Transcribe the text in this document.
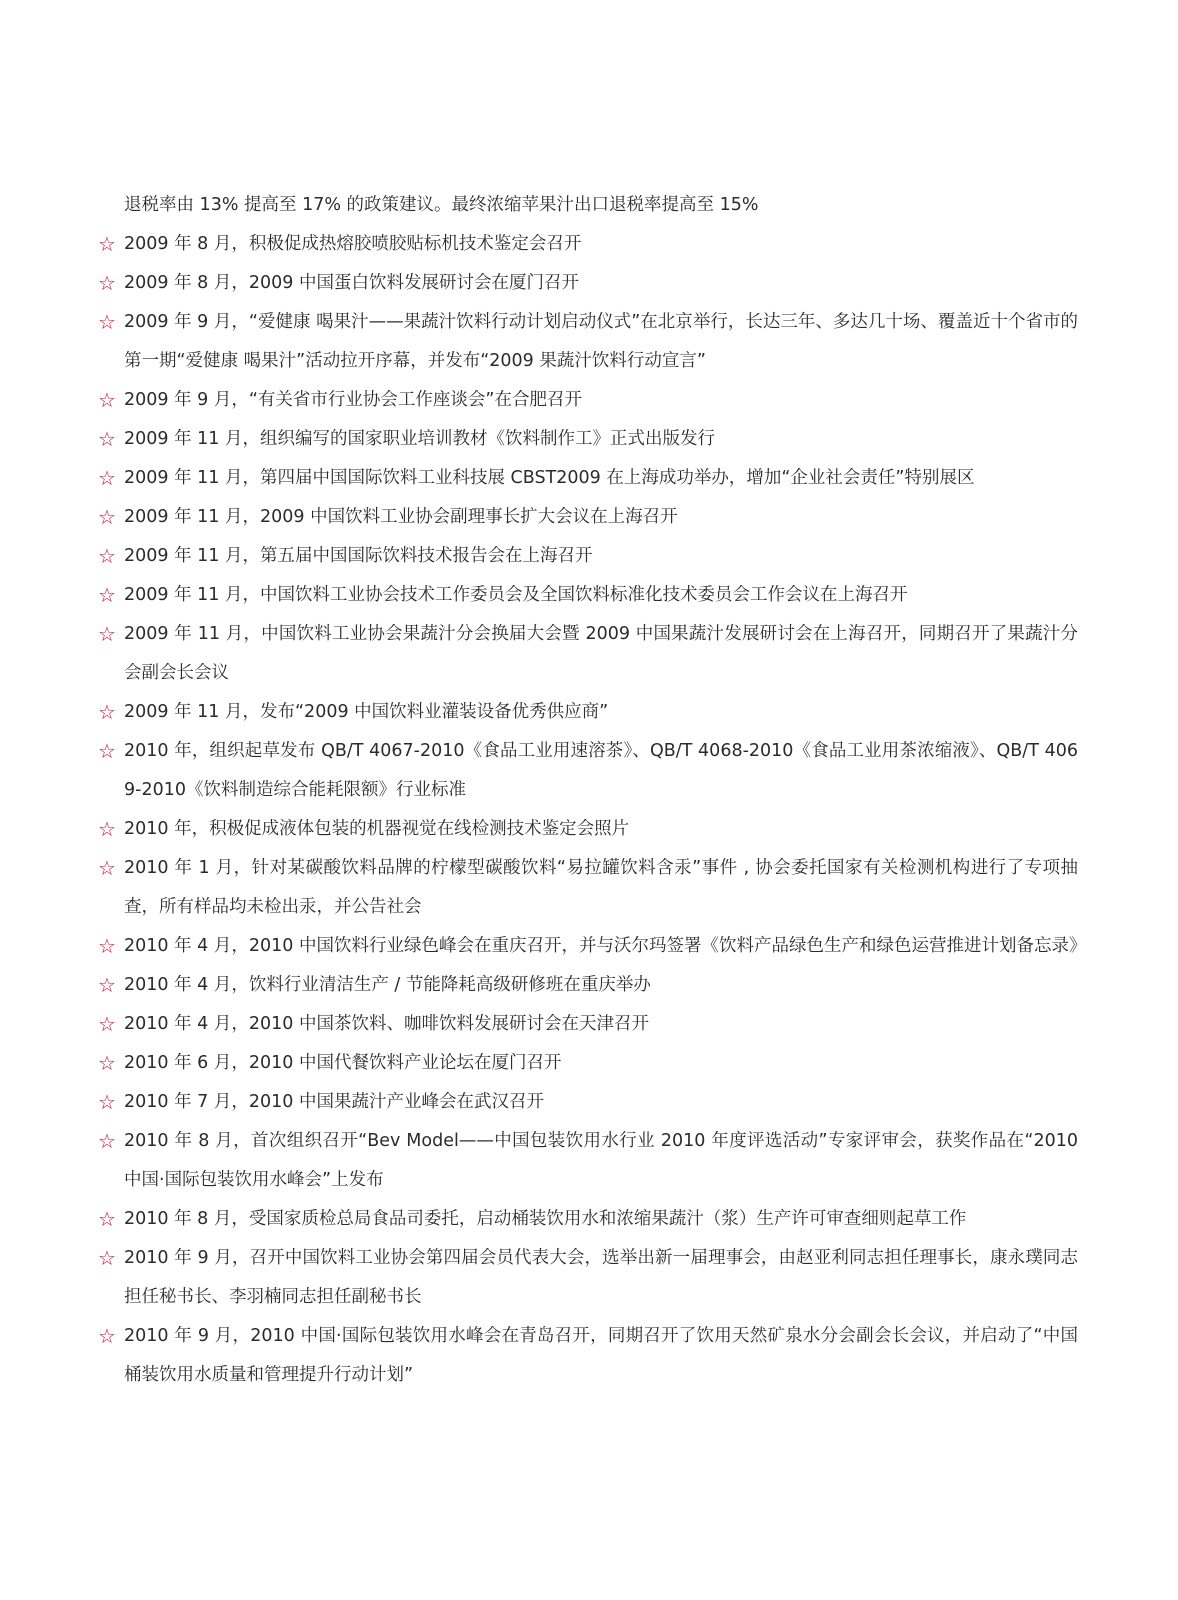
退税率由 13% 提高至 17% 的政策建议。最终浓缩苹果汁出口退税率提高至 15%
☆
2009 年 8 月，积极促成热熔胶喷胶贴标机技术鉴定会召开
☆
2009 年 8 月，2009 中国蛋白饮料发展研讨会在厦门召开
☆
2009 年 9 月，“爱健康 喝果汁——果蔬汁饮料行动计划启动仪式”在北京举行，长达三年、多达几十场、覆盖近十个省市的第一期“爱健康 喝果汁”活动拉开序幕，并发布“2009 果蔬汁饮料行动宣言”
☆
2009 年 9 月，“有关省市行业协会工作座谈会”在合肥召开
☆
2009 年 11 月，组织编写的国家职业培训教材《饮料制作工》正式出版发行
☆
2009 年 11 月，第四届中国国际饮料工业科技展 CBST2009 在上海成功举办，增加“企业社会责任”特别展区
☆
2009 年 11 月，2009 中国饮料工业协会副理事长扩大会议在上海召开
☆
2009 年 11 月，第五届中国国际饮料技术报告会在上海召开
☆
2009 年 11 月，中国饮料工业协会技术工作委员会及全国饮料标准化技术委员会工作会议在上海召开
☆
2009 年 11 月，中国饮料工业协会果蔬汁分会换届大会暨 2009 中国果蔬汁发展研讨会在上海召开，同期召开了果蔬汁分会副会长会议
☆
2009 年 11 月，发布“2009 中国饮料业灌装设备优秀供应商”
☆
2010 年，组织起草发布 QB/T 4067-2010《食品工业用速溶茶》、QB/T 4068-2010《食品工业用茶浓缩液》、QB/T 4069-2010《饮料制造综合能耗限额》行业标准
☆
2010 年，积极促成液体包装的机器视觉在线检测技术鉴定会照片
☆
2010 年 1 月，针对某碳酸饮料品牌的柠檬型碳酸饮料“易拉罐饮料含汞”事件 , 协会委托国家有关检测机构进行了专项抽查，所有样品均未检出汞，并公告社会
☆
2010 年 4 月，2010 中国饮料行业绿色峰会在重庆召开，并与沃尔玛签署《饮料产品绿色生产和绿色运营推进计划备忘录》
☆
2010 年 4 月，饮料行业清洁生产 / 节能降耗高级研修班在重庆举办
☆
2010 年 4 月，2010 中国茶饮料、咖啡饮料发展研讨会在天津召开
☆
2010 年 6 月，2010 中国代餐饮料产业论坛在厦门召开
☆
2010 年 7 月，2010 中国果蔬汁产业峰会在武汉召开
☆
2010 年 8 月，首次组织召开“Bev Model——中国包装饮用水行业 2010 年度评选活动”专家评审会，获奖作品在“2010 中国·国际包装饮用水峰会”上发布
☆
2010 年 8 月，受国家质检总局食品司委托，启动桶装饮用水和浓缩果蔬汁（浆）生产许可审查细则起草工作
☆
2010 年 9 月，召开中国饮料工业协会第四届会员代表大会，选举出新一届理事会，由赵亚利同志担任理事长，康永璞同志担任秘书长、李羽楠同志担任副秘书长
☆
2010 年 9 月，2010 中国·国际包装饮用水峰会在青岛召开，同期召开了饮用天然矿泉水分会副会长会议，并启动了“中国桶装饮用水质量和管理提升行动计划”
